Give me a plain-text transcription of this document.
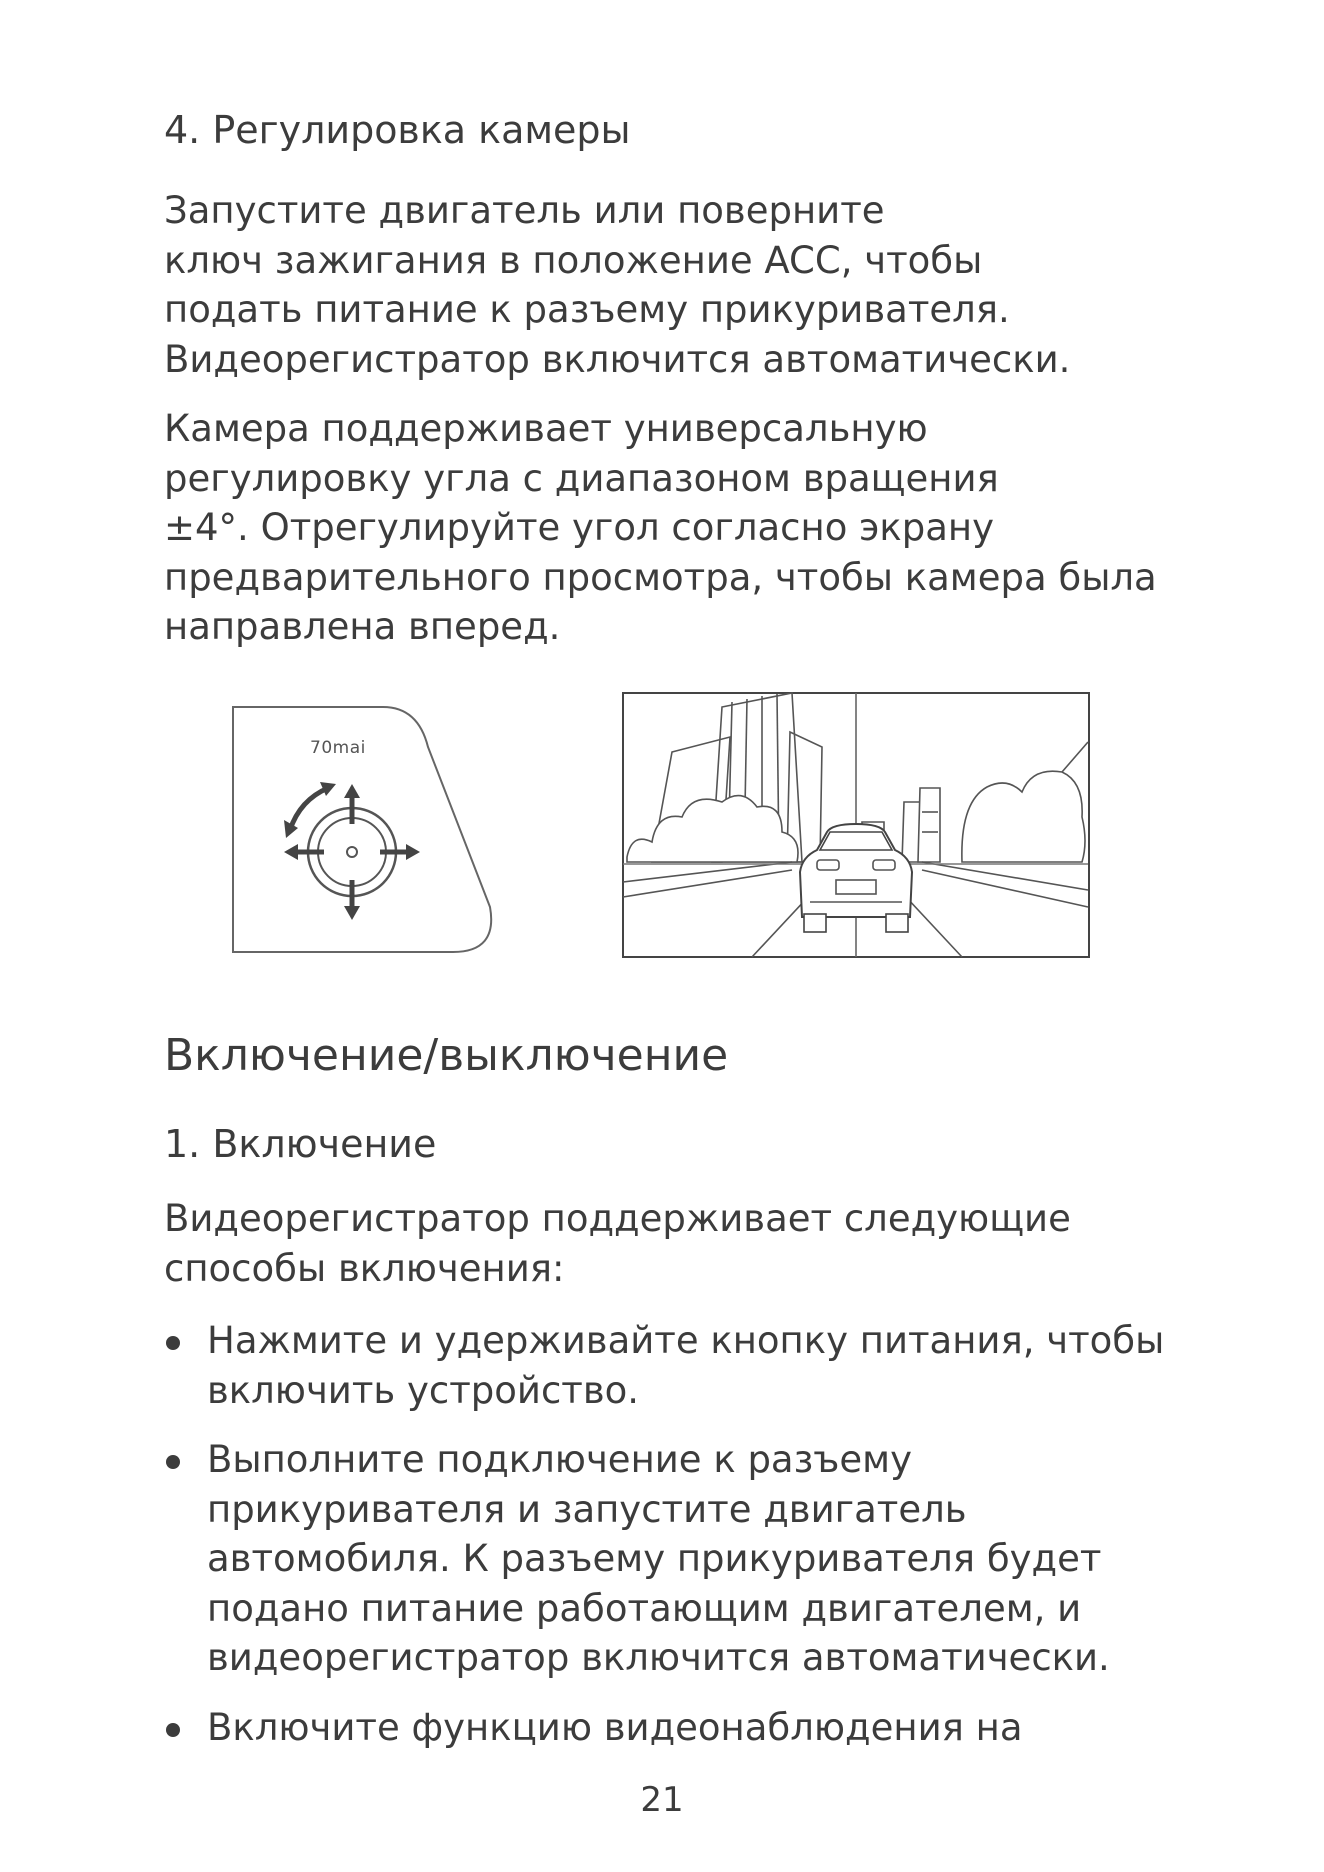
4. Регулировка камеры

Запустите двигатель или поверните
ключ зажигания в положение ACC, чтобы
подать питание к разъему прикуривателя.
Видеорегистратор включится автоматически.

Камера поддерживает универсальную
регулировку угла с диапазоном вращения
±4°. Отрегулируйте угол согласно экрану
предварительного просмотра, чтобы камера была
направлена вперед.

70mai
Включение/выключение
1. Включение

Видеорегистратор поддерживает следующие
способы включения:

Нажмите и удерживайте кнопку питания, чтобы
включить устройство.
Выполните подключение к разъему
прикуривателя и запустите двигатель
автомобиля. К разъему прикуривателя будет
подано питание работающим двигателем, и
видеорегистратор включится автоматически.
Включите функцию видеонаблюдения на
21
